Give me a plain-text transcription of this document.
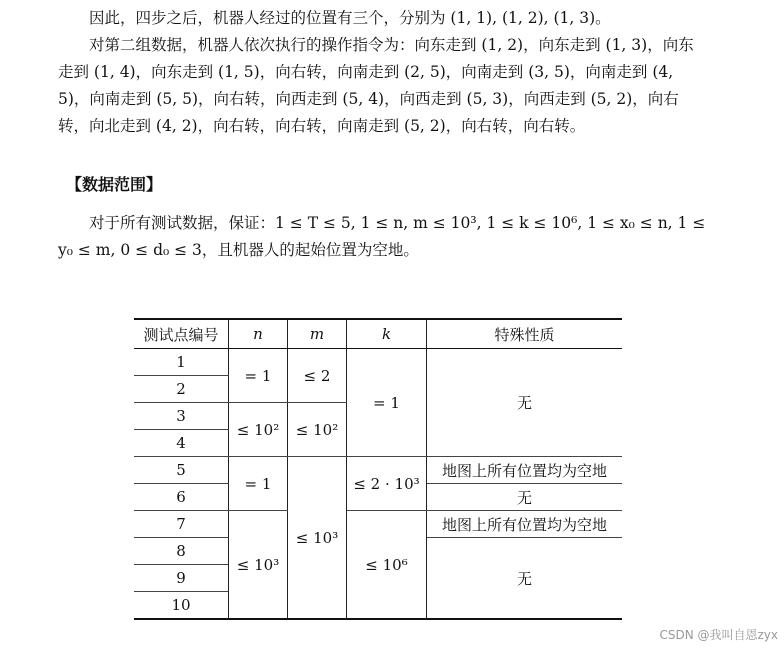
因此，四步之后，机器人经过的位置有三个，分别为 (1, 1), (1, 2), (1, 3)。

对第二组数据，机器人依次执行的操作指令为：向东走到 (1, 2)，向东走到 (1, 3)，向东走到 (1, 4)，向东走到 (1, 5)，向右转，向南走到 (2, 5)，向南走到 (3, 5)，向南走到 (4, 5)，向南走到 (5, 5)，向右转，向西走到 (5, 4)，向西走到 (5, 3)，向西走到 (5, 2)，向右转，向北走到 (4, 2)，向右转，向右转，向南走到 (5, 2)，向右转，向右转。

【数据范围】

对于所有测试数据，保证：1 ≤ T ≤ 5, 1 ≤ n, m ≤ 10³, 1 ≤ k ≤ 10⁶, 1 ≤ x₀ ≤ n, 1 ≤ y₀ ≤ m, 0 ≤ d₀ ≤ 3，且机器人的起始位置为空地。

测试点编号	n	m	k	特殊性质
1	= 1	≤ 2	= 1	无
2				
3	≤ 10²	≤ 10²		
4				
5	= 1	≤ 10³	≤ 2 · 10³	地图上所有位置均为空地
6				无
7	≤ 10³		≤ 10⁶	地图上所有位置均为空地
8				无
9				
10				
CSDN @我叫自恩zyx
